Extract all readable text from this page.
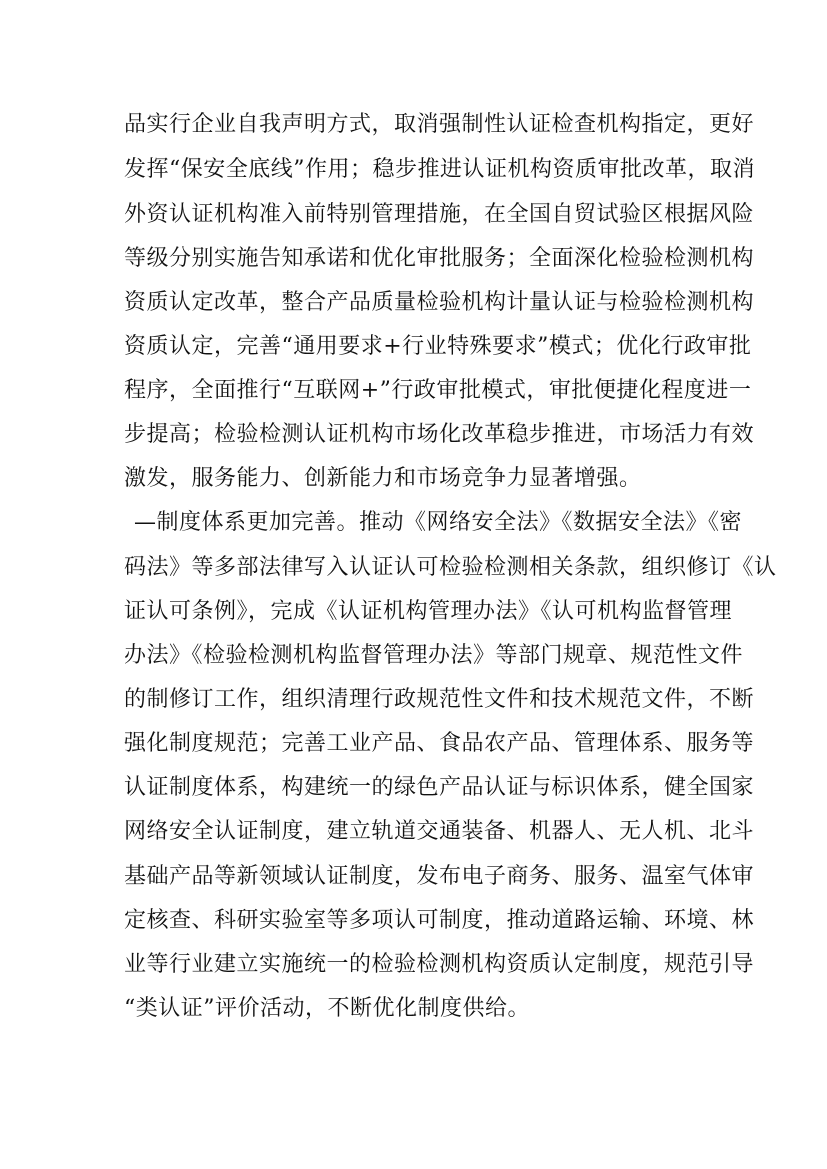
品实行企业自我声明方式，取消强制性认证检查机构指定，更好
发挥“保安全底线”作用；稳步推进认证机构资质审批改革，取消
外资认证机构准入前特别管理措施，在全国自贸试验区根据风险
等级分别实施告知承诺和优化审批服务；全面深化检验检测机构
资质认定改革，整合产品质量检验机构计量认证与检验检测机构
资质认定，完善“通用要求+行业特殊要求”模式；优化行政审批
程序，全面推行“互联网+”行政审批模式，审批便捷化程度进一
步提高；检验检测认证机构市场化改革稳步推进，市场活力有效
激发，服务能力、创新能力和市场竞争力显著增强。
—制度体系更加完善。推动《网络安全法》《数据安全法》《密
码法》等多部法律写入认证认可检验检测相关条款，组织修订《认
证认可条例》，完成《认证机构管理办法》《认可机构监督管理
办法》《检验检测机构监督管理办法》等部门规章、规范性文件
的制修订工作，组织清理行政规范性文件和技术规范文件，不断
强化制度规范；完善工业产品、食品农产品、管理体系、服务等
认证制度体系，构建统一的绿色产品认证与标识体系，健全国家
网络安全认证制度，建立轨道交通装备、机器人、无人机、北斗
基础产品等新领域认证制度，发布电子商务、服务、温室气体审
定核查、科研实验室等多项认可制度，推动道路运输、环境、林
业等行业建立实施统一的检验检测机构资质认定制度，规范引导
“类认证”评价活动，不断优化制度供给。
